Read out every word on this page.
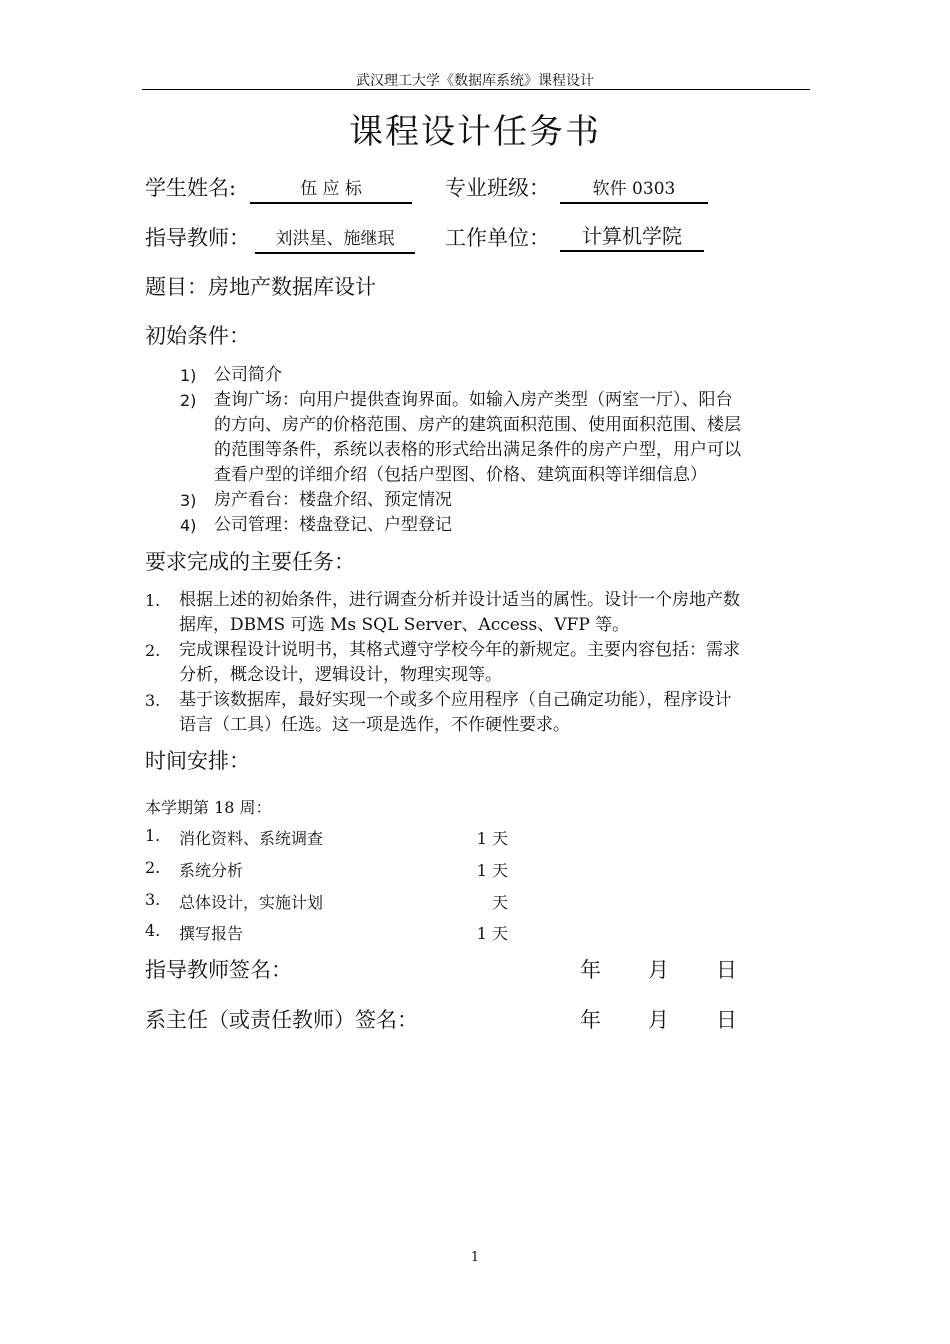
武汉理工大学《数据库系统》课程设计
课程设计任务书
学生姓名:	伍 应 标	专业班级：	软件 0303
指导教师：	刘洪星、施继珉	工作单位：	计算机学院
题目：房地产数据库设计
初始条件：
1) 公司简介
2) 查询广场：向用户提供查询界面。如输入房产类型（两室一厅）、阳台
的方向、房产的价格范围、房产的建筑面积范围、使用面积范围、楼层
的范围等条件，系统以表格的形式给出满足条件的房产户型，用户可以
查看户型的详细介绍（包括户型图、价格、建筑面积等详细信息）
3) 房产看台：楼盘介绍、预定情况
4) 公司管理：楼盘登记、户型登记
要求完成的主要任务：
1. 根据上述的初始条件，进行调查分析并设计适当的属性。设计一个房地产数
据库，DBMS 可选 Ms SQL Server、Access、VFP 等。
2. 完成课程设计说明书，其格式遵守学校今年的新规定。主要内容包括：需求
分析，概念设计，逻辑设计，物理实现等。
3. 基于该数据库，最好实现一个或多个应用程序（自己确定功能），程序设计
语言（工具）任选。这一项是选作，不作硬性要求。
时间安排：
本学期第 18 周：
1. 消化资料、系统调查	1 天
2. 系统分析	1 天
3. 总体设计，实施计划	天
4. 撰写报告	1 天
指导教师签名：	年 月 日
系主任（或责任教师）签名：	年 月 日
1
